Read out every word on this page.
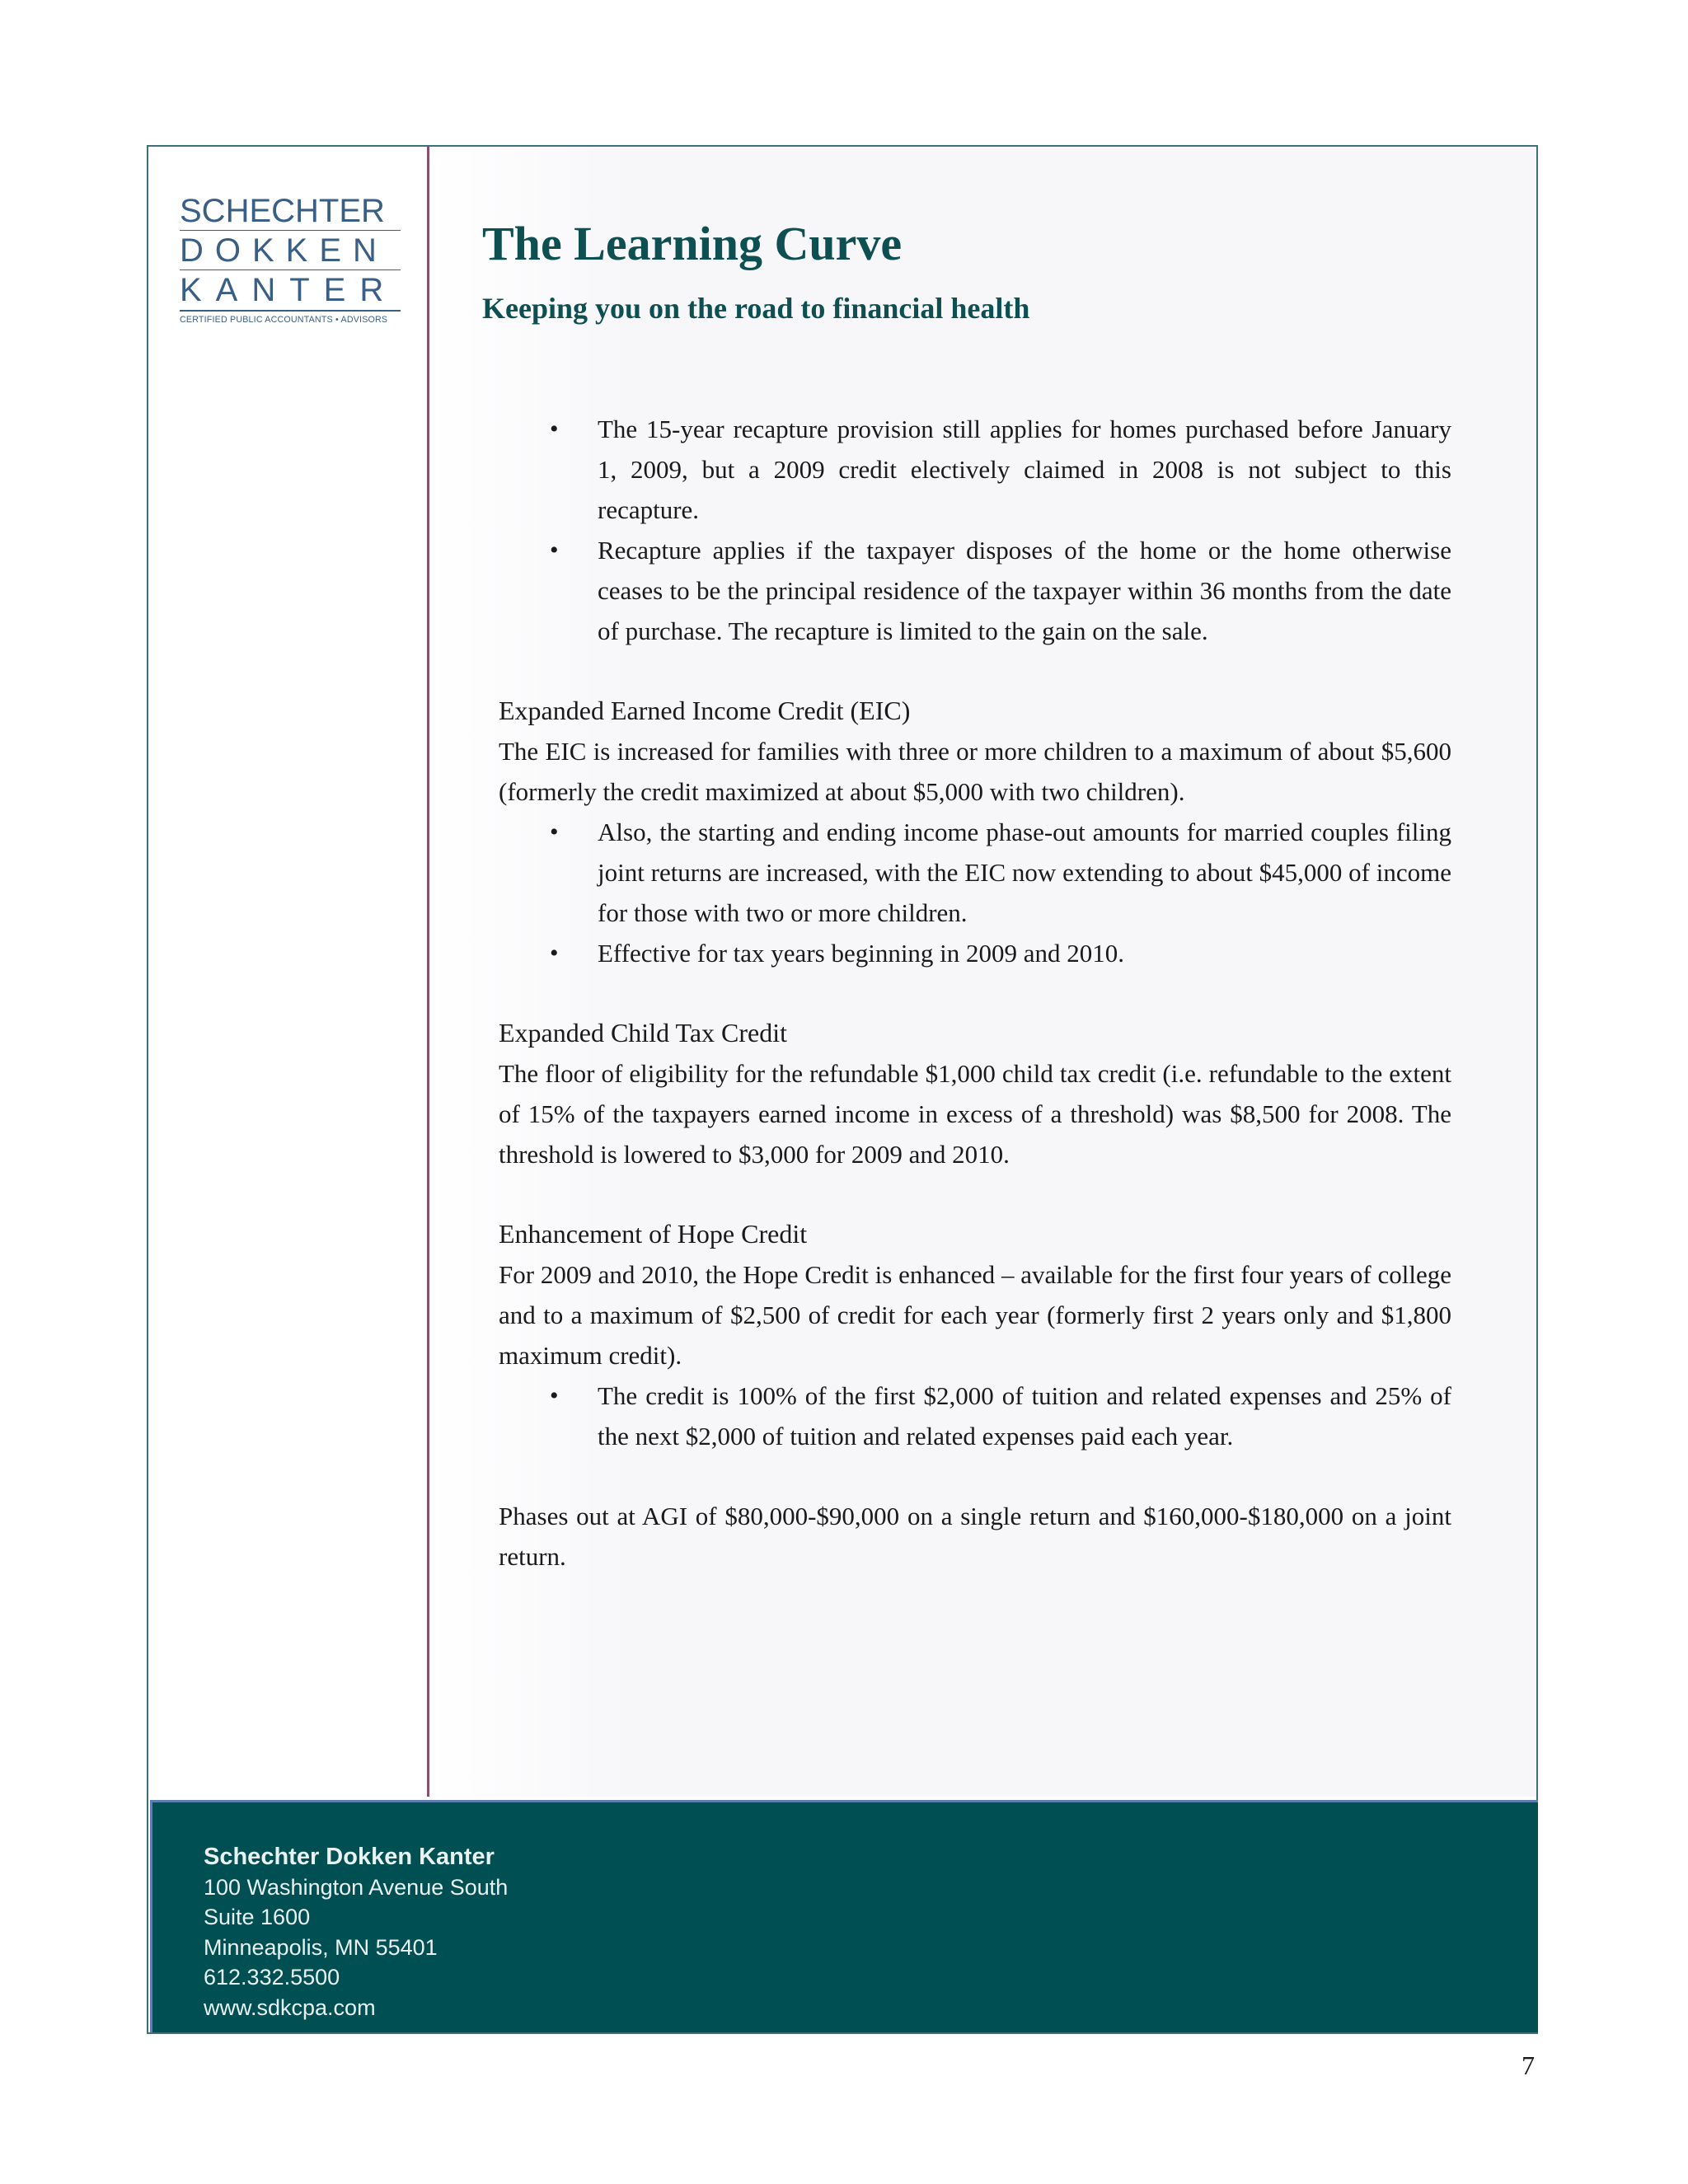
SCHECHTER
DOKKEN
KANTER
CERTIFIED PUBLIC ACCOUNTANTS • ADVISORS
The Learning Curve
Keeping you on the road to financial health
• The 15-year recapture provision still applies for homes purchased before January 1, 2009, but a 2009 credit electively claimed in 2008 is not subject to this recapture.
• Recapture applies if the taxpayer disposes of the home or the home otherwise ceases to be the principal residence of the taxpayer within 36 months from the date of purchase. The recapture is limited to the gain on the sale.
Expanded Earned Income Credit (EIC)
The EIC is increased for families with three or more children to a maximum of about $5,600 (formerly the credit maximized at about $5,000 with two children).
• Also, the starting and ending income phase-out amounts for married couples filing joint returns are increased, with the EIC now extending to about $45,000 of income for those with two or more children.
• Effective for tax years beginning in 2009 and 2010.
Expanded Child Tax Credit
The floor of eligibility for the refundable $1,000 child tax credit (i.e. refundable to the extent of 15% of the taxpayers earned income in excess of a threshold) was $8,500 for 2008. The threshold is lowered to $3,000 for 2009 and 2010.
Enhancement of Hope Credit
For 2009 and 2010, the Hope Credit is enhanced – available for the first four years of college and to a maximum of $2,500 of credit for each year (formerly first 2 years only and $1,800 maximum credit).
• The credit is 100% of the first $2,000 of tuition and related expenses and 25% of the next $2,000 of tuition and related expenses paid each year.
Phases out at AGI of $80,000-$90,000 on a single return and $160,000-$180,000 on a joint return.
Schechter Dokken Kanter
100 Washington Avenue South
Suite 1600
Minneapolis, MN 55401
612.332.5500
www.sdkcpa.com
7
